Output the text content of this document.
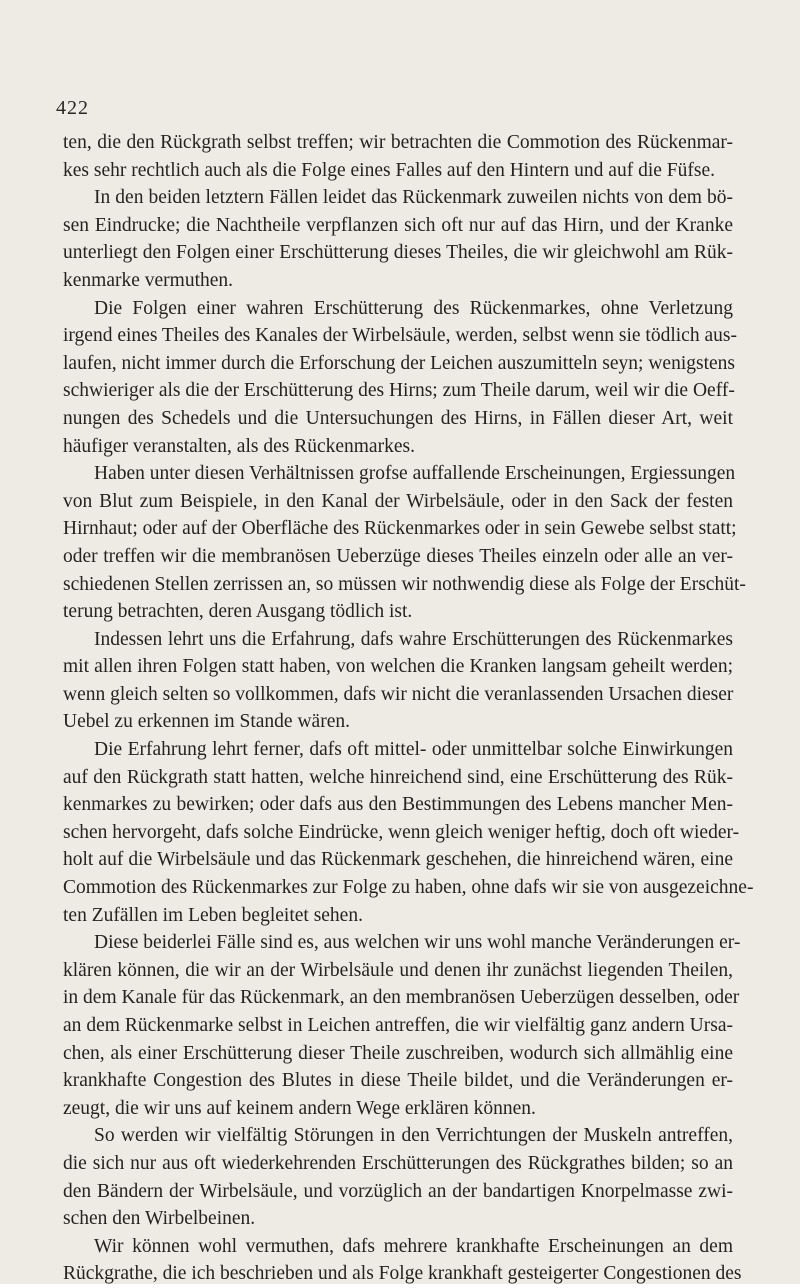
422
ten, die den Rückgrath selbst treffen; wir betrachten die Commotion des Rückenmar-
kes sehr rechtlich auch als die Folge eines Falles auf den Hintern und auf die Füfse.
In den beiden letztern Fällen leidet das Rückenmark zuweilen nichts von dem bö-
sen Eindrucke; die Nachtheile verpflanzen sich oft nur auf das Hirn, und der Kranke
unterliegt den Folgen einer Erschütterung dieses Theiles, die wir gleichwohl am Rük-
kenmarke vermuthen.
Die Folgen einer wahren Erschütterung des Rückenmarkes, ohne Verletzung
irgend eines Theiles des Kanales der Wirbelsäule, werden, selbst wenn sie tödlich aus-
laufen, nicht immer durch die Erforschung der Leichen auszumitteln seyn; wenigstens
schwieriger als die der Erschütterung des Hirns; zum Theile darum, weil wir die Oeff-
nungen des Schedels und die Untersuchungen des Hirns, in Fällen dieser Art, weit
häufiger veranstalten, als des Rückenmarkes.
Haben unter diesen Verhältnissen grofse auffallende Erscheinungen, Ergiessungen
von Blut zum Beispiele, in den Kanal der Wirbelsäule, oder in den Sack der festen
Hirnhaut; oder auf der Oberfläche des Rückenmarkes oder in sein Gewebe selbst statt;
oder treffen wir die membranösen Ueberzüge dieses Theiles einzeln oder alle an ver-
schiedenen Stellen zerrissen an, so müssen wir nothwendig diese als Folge der Erschüt-
terung betrachten, deren Ausgang tödlich ist.
Indessen lehrt uns die Erfahrung, dafs wahre Erschütterungen des Rückenmarkes
mit allen ihren Folgen statt haben, von welchen die Kranken langsam geheilt werden;
wenn gleich selten so vollkommen, dafs wir nicht die veranlassenden Ursachen dieser
Uebel zu erkennen im Stande wären.
Die Erfahrung lehrt ferner, dafs oft mittel- oder unmittelbar solche Einwirkungen
auf den Rückgrath statt hatten, welche hinreichend sind, eine Erschütterung des Rük-
kenmarkes zu bewirken; oder dafs aus den Bestimmungen des Lebens mancher Men-
schen hervorgeht, dafs solche Eindrücke, wenn gleich weniger heftig, doch oft wieder-
holt auf die Wirbelsäule und das Rückenmark geschehen, die hinreichend wären, eine
Commotion des Rückenmarkes zur Folge zu haben, ohne dafs wir sie von ausgezeichne-
ten Zufällen im Leben begleitet sehen.
Diese beiderlei Fälle sind es, aus welchen wir uns wohl manche Veränderungen er-
klären können, die wir an der Wirbelsäule und denen ihr zunächst liegenden Theilen,
in dem Kanale für das Rückenmark, an den membranösen Ueberzügen desselben, oder
an dem Rückenmarke selbst in Leichen antreffen, die wir vielfältig ganz andern Ursa-
chen, als einer Erschütterung dieser Theile zuschreiben, wodurch sich allmählig eine
krankhafte Congestion des Blutes in diese Theile bildet, und die Veränderungen er-
zeugt, die wir uns auf keinem andern Wege erklären können.
So werden wir vielfältig Störungen in den Verrichtungen der Muskeln antreffen,
die sich nur aus oft wiederkehrenden Erschütterungen des Rückgrathes bilden; so an
den Bändern der Wirbelsäule, und vorzüglich an der bandartigen Knorpelmasse zwi-
schen den Wirbelbeinen.
Wir können wohl vermuthen, dafs mehrere krankhafte Erscheinungen an dem
Rückgrathe, die ich beschrieben und als Folge krankhaft gesteigerter Congestionen des
